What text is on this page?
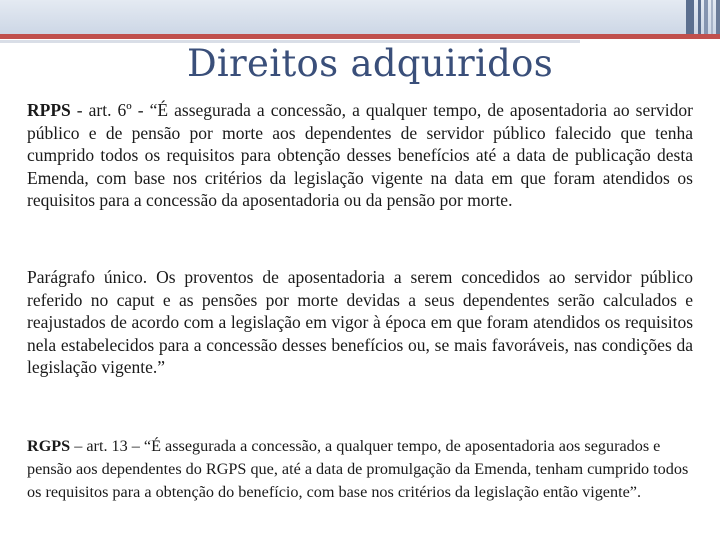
Direitos adquiridos

RPPS - art. 6º - “É assegurada a concessão, a qualquer tempo, de aposentadoria ao servidor público e de pensão por morte aos dependentes de servidor público falecido que tenha cumprido todos os requisitos para obtenção desses benefícios até a data de publicação desta Emenda, com base nos critérios da legislação vigente na data em que foram atendidos os requisitos para a concessão da aposentadoria ou da pensão por morte.

Parágrafo único. Os proventos de aposentadoria a serem concedidos ao servidor público referido no caput e as pensões por morte devidas a seus dependentes serão calculados e reajustados de acordo com a legislação em vigor à época em que foram atendidos os requisitos nela estabelecidos para a concessão desses benefícios ou, se mais favoráveis, nas condições da legislação vigente.”

RGPS – art. 13 – “É assegurada a concessão, a qualquer tempo, de aposentadoria aos segurados e pensão aos dependentes do RGPS que, até a data de promulgação da Emenda, tenham cumprido todos os requisitos para a obtenção do benefício, com base nos critérios da legislação então vigente”.
